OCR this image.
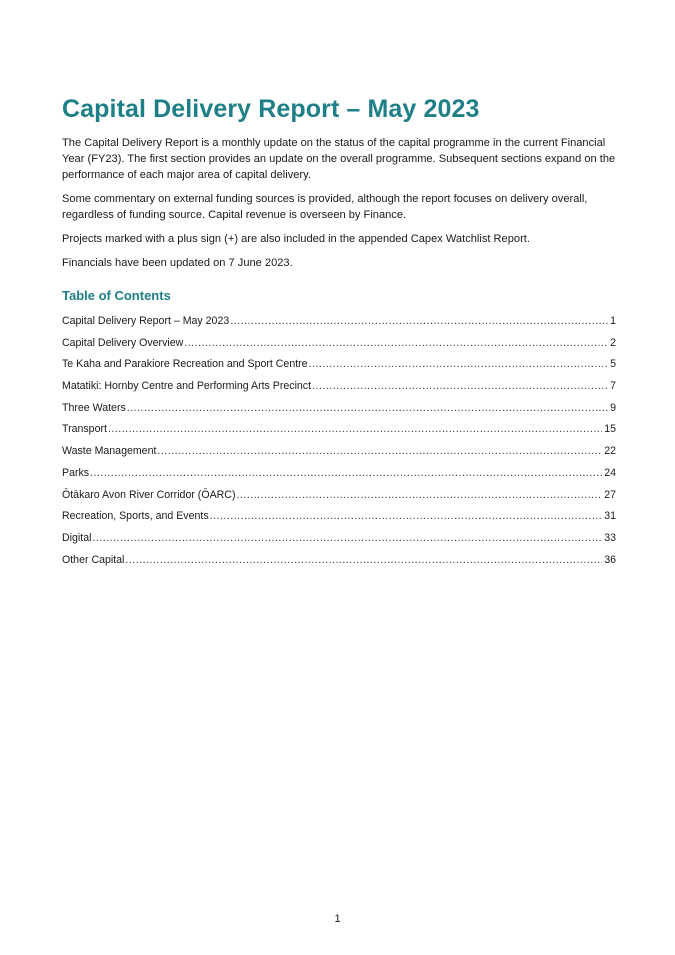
Capital Delivery Report – May 2023

The Capital Delivery Report is a monthly update on the status of the capital programme in the current Financial Year (FY23). The first section provides an update on the overall programme. Subsequent sections expand on the performance of each major area of capital delivery.

Some commentary on external funding sources is provided, although the report focuses on delivery overall, regardless of funding source. Capital revenue is overseen by Finance.

Projects marked with a plus sign (+) are also included in the appended Capex Watchlist Report.

Financials have been updated on 7 June 2023.

Table of Contents
Capital Delivery Report – May 2023 .....	1
Capital Delivery Overview .....	2
Te Kaha and Parakiore Recreation and Sport Centre .....	5
Matatiki: Hornby Centre and Performing Arts Precinct .....	7
Three Waters .....	9
Transport .....	15
Waste Management .....	22
Parks .....	24
Ōtākaro Avon River Corridor (ŌARC) .....	27
Recreation, Sports, and Events .....	31
Digital .....	33
Other Capital .....	36
1
